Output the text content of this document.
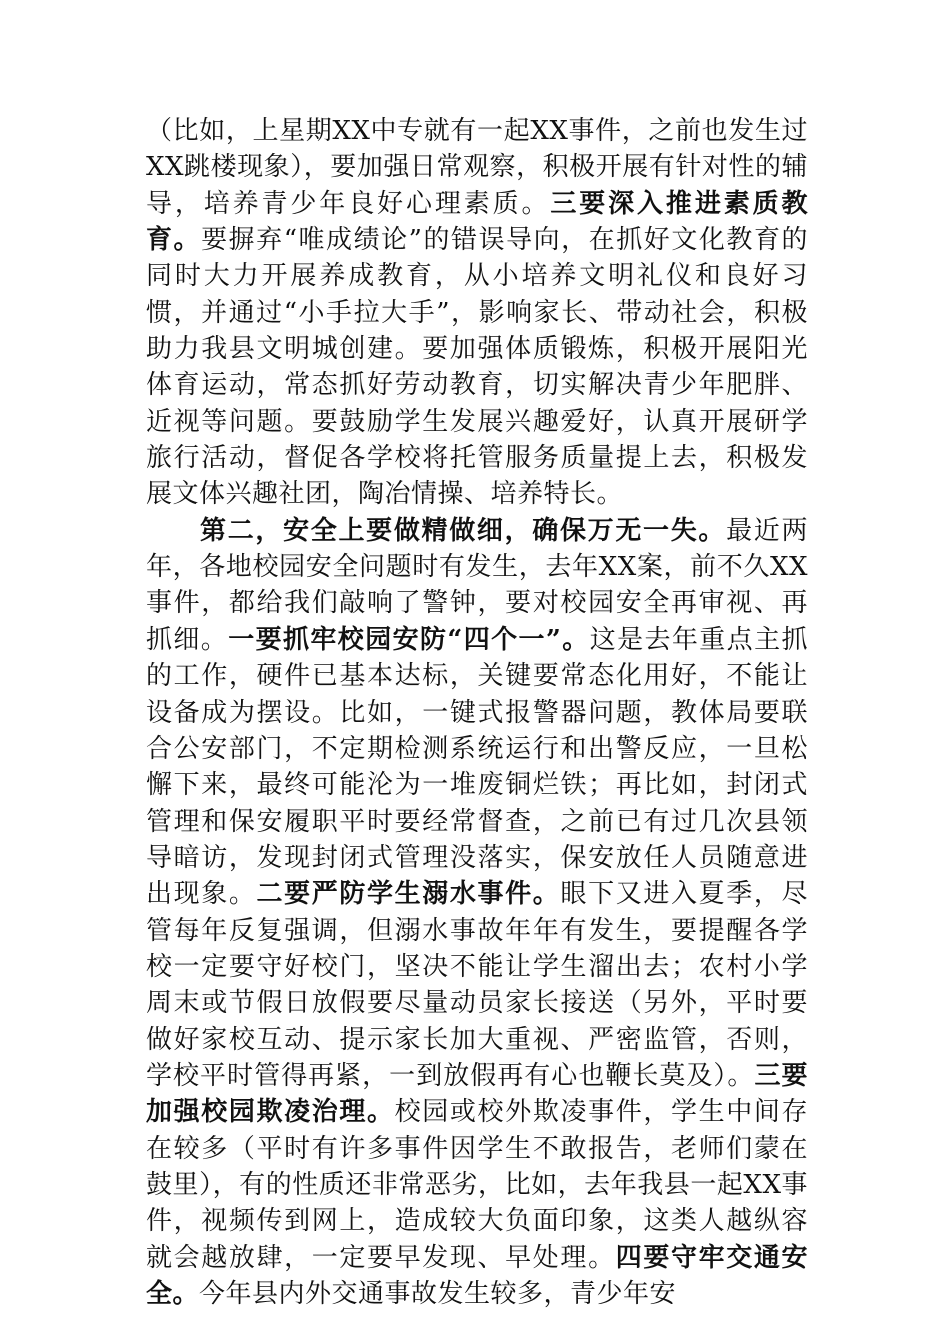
（比如，上星期XX中专就有一起XX事件，之前也发生过XX跳楼现象），要加强日常观察，积极开展有针对性的辅导，培养青少年良好心理素质。三要深入推进素质教育。要摒弃“唯成绩论”的错误导向，在抓好文化教育的同时大力开展养成教育，从小培养文明礼仪和良好习惯，并通过“小手拉大手”，影响家长、带动社会，积极助力我县文明城创建。要加强体质锻炼，积极开展阳光体育运动，常态抓好劳动教育，切实解决青少年肥胖、近视等问题。要鼓励学生发展兴趣爱好，认真开展研学旅行活动，督促各学校将托管服务质量提上去，积极发展文体兴趣社团，陶冶情操、培养特长。

第二，安全上要做精做细，确保万无一失。最近两年，各地校园安全问题时有发生，去年XX案，前不久XX事件，都给我们敲响了警钟，要对校园安全再审视、再抓细。一要抓牢校园安防“四个一”。这是去年重点主抓的工作，硬件已基本达标，关键要常态化用好，不能让设备成为摆设。比如，一键式报警器问题，教体局要联合公安部门，不定期检测系统运行和出警反应，一旦松懈下来，最终可能沦为一堆废铜烂铁；再比如，封闭式管理和保安履职平时要经常督查，之前已有过几次县领导暗访，发现封闭式管理没落实，保安放任人员随意进出现象。二要严防学生溺水事件。眼下又进入夏季，尽管每年反复强调，但溺水事故年年有发生，要提醒各学校一定要守好校门，坚决不能让学生溜出去；农村小学周末或节假日放假要尽量动员家长接送（另外，平时要做好家校互动、提示家长加大重视、严密监管，否则，学校平时管得再紧，一到放假再有心也鞭长莫及）。三要加强校园欺凌治理。校园或校外欺凌事件，学生中间存在较多（平时有许多事件因学生不敢报告，老师们蒙在鼓里），有的性质还非常恶劣，比如，去年我县一起XX事件，视频传到网上，造成较大负面印象，这类人越纵容就会越放肆，一定要早发现、早处理。四要守牢交通安全。今年县内外交通事故发生较多，青少年安
